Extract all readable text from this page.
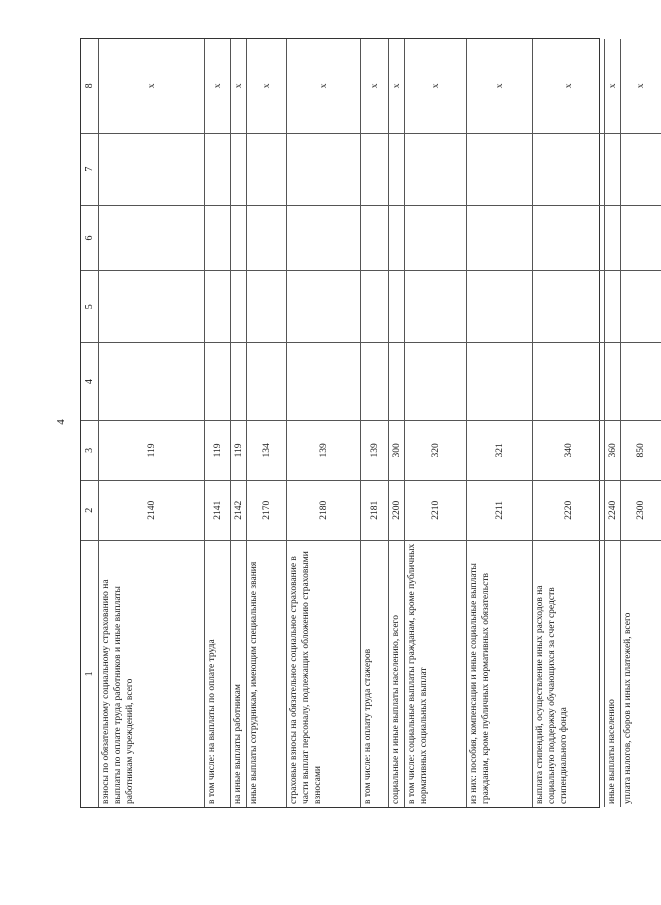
4
1
2
3
4
5
6
7
8
взносы по обязательному социальному страхованию на выплаты по оплате труда работников и иные выплаты работникам учреждений, всего
2140
119
x
в том числе: на выплаты по оплате труда
2141
119
x
на иные выплаты работникам
2142
119
x
иные выплаты сотрудникам, имеющим специальные звания
2170
134
x
страховые взносы на обязательное социальное страхование в части выплат персоналу, подлежащих обложению страховыми взносами
2180
139
x
в том числе: на оплату труда стажеров
2181
139
x
социальные и иные выплаты населению, всего
2200
300
x
в том числе: социальные выплаты гражданам, кроме публичных нормативных социальных выплат
2210
320
x
из них: пособия, компенсации и иные социальные выплаты гражданам, кроме публичных нормативных обязательств
2211
321
x
выплата стипендий, осуществление иных расходов на социальную поддержку обучающихся за счет средств стипендиального фонда
2220
340
x
иные выплаты населению
2240
360
x
уплата налогов, сборов и иных платежей, всего
2300
850
x
